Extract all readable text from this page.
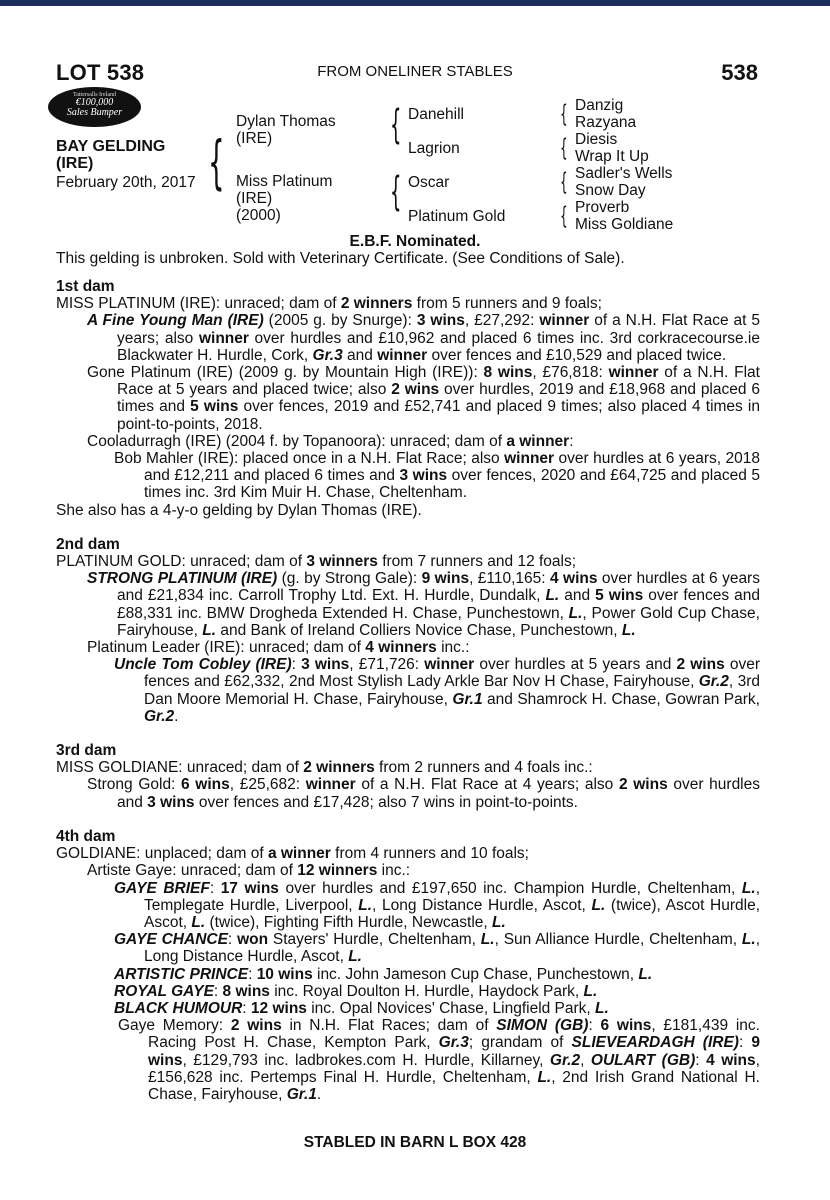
LOT 538	FROM ONELINER STABLES	538
Tattersalls Ireland
€100,000
Sales Bumper
BAY GELDING
(IRE)
February 20th, 2017 {
Dylan Thomas
(IRE)
Miss Platinum
(IRE)
(2000)
{
{
Danehill
Lagrion
Oscar
Platinum Gold
{
{
{
{
Danzig
Razyana
Diesis
Wrap It Up
Sadler's Wells
Snow Day
Proverb
Miss Goldiane
E.B.F. Nominated.
This gelding is unbroken. Sold with Veterinary Certificate. (See Conditions of Sale).

1st dam

MISS PLATINUM (IRE): unraced; dam of 2 winners from 5 runners and 9 foals;

A Fine Young Man (IRE) (2005 g. by Snurge): 3 wins, £27,292: winner of a N.H. Flat Race at 5 years; also winner over hurdles and £10,962 and placed 6 times inc. 3rd corkracecourse.ie Blackwater H. Hurdle, Cork, Gr.3 and winner over fences and £10,529 and placed twice.

Gone Platinum (IRE) (2009 g. by Mountain High (IRE)): 8 wins, £76,818: winner of a N.H. Flat Race at 5 years and placed twice; also 2 wins over hurdles, 2019 and £18,968 and placed 6 times and 5 wins over fences, 2019 and £52,741 and placed 9 times; also placed 4 times in point-to-points, 2018.

Cooladurragh (IRE) (2004 f. by Topanoora): unraced; dam of a winner:

Bob Mahler (IRE): placed once in a N.H. Flat Race; also winner over hurdles at 6 years, 2018 and £12,211 and placed 6 times and 3 wins over fences, 2020 and £64,725 and placed 5 times inc. 3rd Kim Muir H. Chase, Cheltenham.

She also has a 4-y-o gelding by Dylan Thomas (IRE).

2nd dam

PLATINUM GOLD: unraced; dam of 3 winners from 7 runners and 12 foals;

STRONG PLATINUM (IRE) (g. by Strong Gale): 9 wins, £110,165: 4 wins over hurdles at 6 years and £21,834 inc. Carroll Trophy Ltd. Ext. H. Hurdle, Dundalk, L. and 5 wins over fences and £88,331 inc. BMW Drogheda Extended H. Chase, Punchestown, L., Power Gold Cup Chase, Fairyhouse, L. and Bank of Ireland Colliers Novice Chase, Punchestown, L.

Platinum Leader (IRE): unraced; dam of 4 winners inc.:

Uncle Tom Cobley (IRE): 3 wins, £71,726: winner over hurdles at 5 years and 2 wins over fences and £62,332, 2nd Most Stylish Lady Arkle Bar Nov H Chase, Fairyhouse, Gr.2, 3rd Dan Moore Memorial H. Chase, Fairyhouse, Gr.1 and Shamrock H. Chase, Gowran Park, Gr.2.

3rd dam

MISS GOLDIANE: unraced; dam of 2 winners from 2 runners and 4 foals inc.:

Strong Gold: 6 wins, £25,682: winner of a N.H. Flat Race at 4 years; also 2 wins over hurdles and 3 wins over fences and £17,428; also 7 wins in point-to-points.

4th dam

GOLDIANE: unplaced; dam of a winner from 4 runners and 10 foals;

Artiste Gaye: unraced; dam of 12 winners inc.:

GAYE BRIEF: 17 wins over hurdles and £197,650 inc. Champion Hurdle, Cheltenham, L., Templegate Hurdle, Liverpool, L., Long Distance Hurdle, Ascot, L. (twice), Ascot Hurdle, Ascot, L. (twice), Fighting Fifth Hurdle, Newcastle, L.

GAYE CHANCE: won Stayers' Hurdle, Cheltenham, L., Sun Alliance Hurdle, Cheltenham, L., Long Distance Hurdle, Ascot, L.

ARTISTIC PRINCE: 10 wins inc. John Jameson Cup Chase, Punchestown, L.

ROYAL GAYE: 8 wins inc. Royal Doulton H. Hurdle, Haydock Park, L.

BLACK HUMOUR: 12 wins inc. Opal Novices' Chase, Lingfield Park, L.

Gaye Memory: 2 wins in N.H. Flat Races; dam of SIMON (GB): 6 wins, £181,439 inc. Racing Post H. Chase, Kempton Park, Gr.3; grandam of SLIEVEARDAGH (IRE): 9 wins, £129,793 inc. ladbrokes.com H. Hurdle, Killarney, Gr.2, OULART (GB): 4 wins, £156,628 inc. Pertemps Final H. Hurdle, Cheltenham, L., 2nd Irish Grand National H. Chase, Fairyhouse, Gr.1.

STABLED IN BARN L BOX 428
